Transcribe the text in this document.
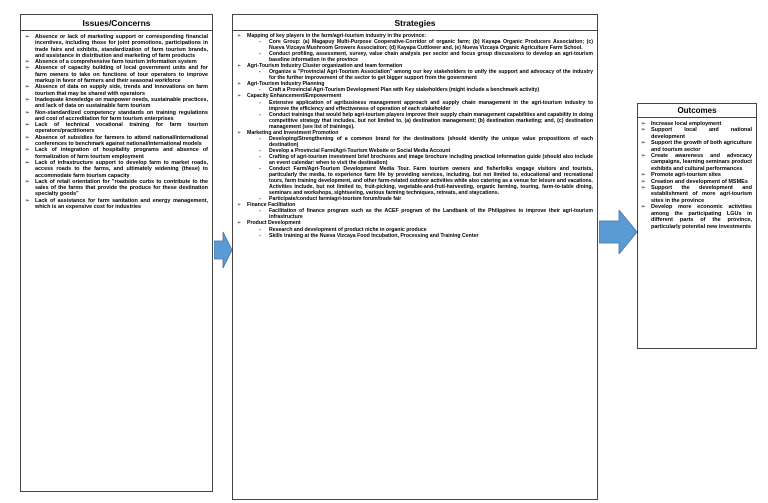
Issues/Concerns
➢ Absence or lack of marketing support or corresponding financial incentives, including those for joint promotions, participations in trade fairs and exhibits, standardization of farm tourism brands, and assistance in distribution and marketing of farm products
➢ Absence of a comprehensive farm tourism information system
➢ Absence of capacity building of local government units and for farm owners to take on functions of tour operators to improve markup in favor of farmers and their seasonal workforce
➢ Absence of data on supply side, trends and innovations on farm tourism that may be shared with operators
➢ Inadequate knowledge on manpower needs, sustainable practices, and lack of data on sustainable farm tourism
➢ Non-standardized competency standards on training regulations and cost of accreditation for farm tourism enterprises
➢ Lack of technical vocational training for farm tourism operators/practitioners
➢ Absence of subsidies for farmers to attend national/international conferences to benchmark against national/international models
➢ Lack of integration of hospitality programs and absence of formalization of farm tourism employment
➢ Lack of infrastructure support to develop farm to market roads, access roads to the farms, and ultimately widening (these) to accommodate farm tourism capacity
➢ Lack of retail orientation for "roadside curbs to contribute to the sales of the farms that provide the produce for these destination specialty goods"
➢ Lack of assistance for farm sanitation and energy management, which is an expensive cost for industries
Strategies
➢ Mapping of key players in the farm/agri-tourism industry in the province:
- Core Group: (a) Magapuy Multi-Purpose Cooperative-Corridor of organic farm; (b) Kayapa Organic Producers Association; (c) Nueva Vizcaya Mushroom Growers Association; (d) Kayapa Cuttlower and, (e) Nueva Vizcaya Organic Agriculture Farm School.
- Conduct profiling, assessment, survey, value chain analysis per sector and focus group discussions to develop an agri-tourism baseline information in the province
➢ Agri-Tourism Industry Cluster organization and team formation
- Organize a "Provincial Agri-Tourism Association" among our key stakeholders to unify the support and advocacy of the industry for the further improvement of the sector to get bigger support from the government
➢ Agri-Tourism Industry Planning
- Craft a Provincial Agri-Tourism Development Plan with Key stakeholders (might include a benchmark activity)
➢ Capacity Enhancement/Empowerment
- Extensive application of agribusiness management approach and supply chain management in the agri-tourism industry to improve the efficiency and effectiveness of operation of each stakeholder
- Conduct trainings that would help agri-tourism players improve their supply chain management capabilities and capability in doing competitive strategy that includes, but not limited to, (a) destination management; (b) destination marketing; and, (c) destination management (see list of trainings).
➢ Marketing and Investment Promotion
- Developing/Strengthening of a common brand for the destinations (should identify the unique value propositions of each destination)
- Develop a Provincial Farm/Agri-Tourism Website or Social Media Account
- Crafting of agri-tourism investment brief brochures and image brochure including practical information guide (should also include an event calendar: when to visit the destination)
- Conduct Farm/Agri-Tourism Development Media Tour. Farm tourism owners and fisherfolks engage visitors and tourists, particularly the media, to experience farm life by providing services, including, but not limited to, educational and recreational tours, farm training development, and other farm-related outdoor activities while also catering as a venue for leisure and vacations. Activities include, but not limited to, fruit-picking, vegetable-and-fruit-harvesting, organic farming, touring, farm-to-table dining, seminars and workshops, sightseeing, various farming techniques, retreats, and staycations.
- Participate/conduct farm/agri-tourism forum/trade fair
➢ Finance Facilitation
- Facilitation of finance program such as the ACEF program of the Landbank of the Philippines to improve their agri-tourism infrastructure
➢ Product Development
- Research and development of product niche in organic produce
- Skills training at the Nueva Vizcaya Food Incubation, Processing and Training Center
Outcomes
➢ Increase local employment
➢ Support local and national development
➢ Support the growth of both agriculture and tourism sector
➢ Create awareness and advocacy campaigns, learning seminars product exhibits and cultural performances
➢ Promote agri-tourism sites
➢ Creation and development of MSMEs
➢ Support the development and establishment of more agri-tourism sites in the province
➢ Develop more economic activities among the participating LGUs in different parts of the province, particularly potential new investments
